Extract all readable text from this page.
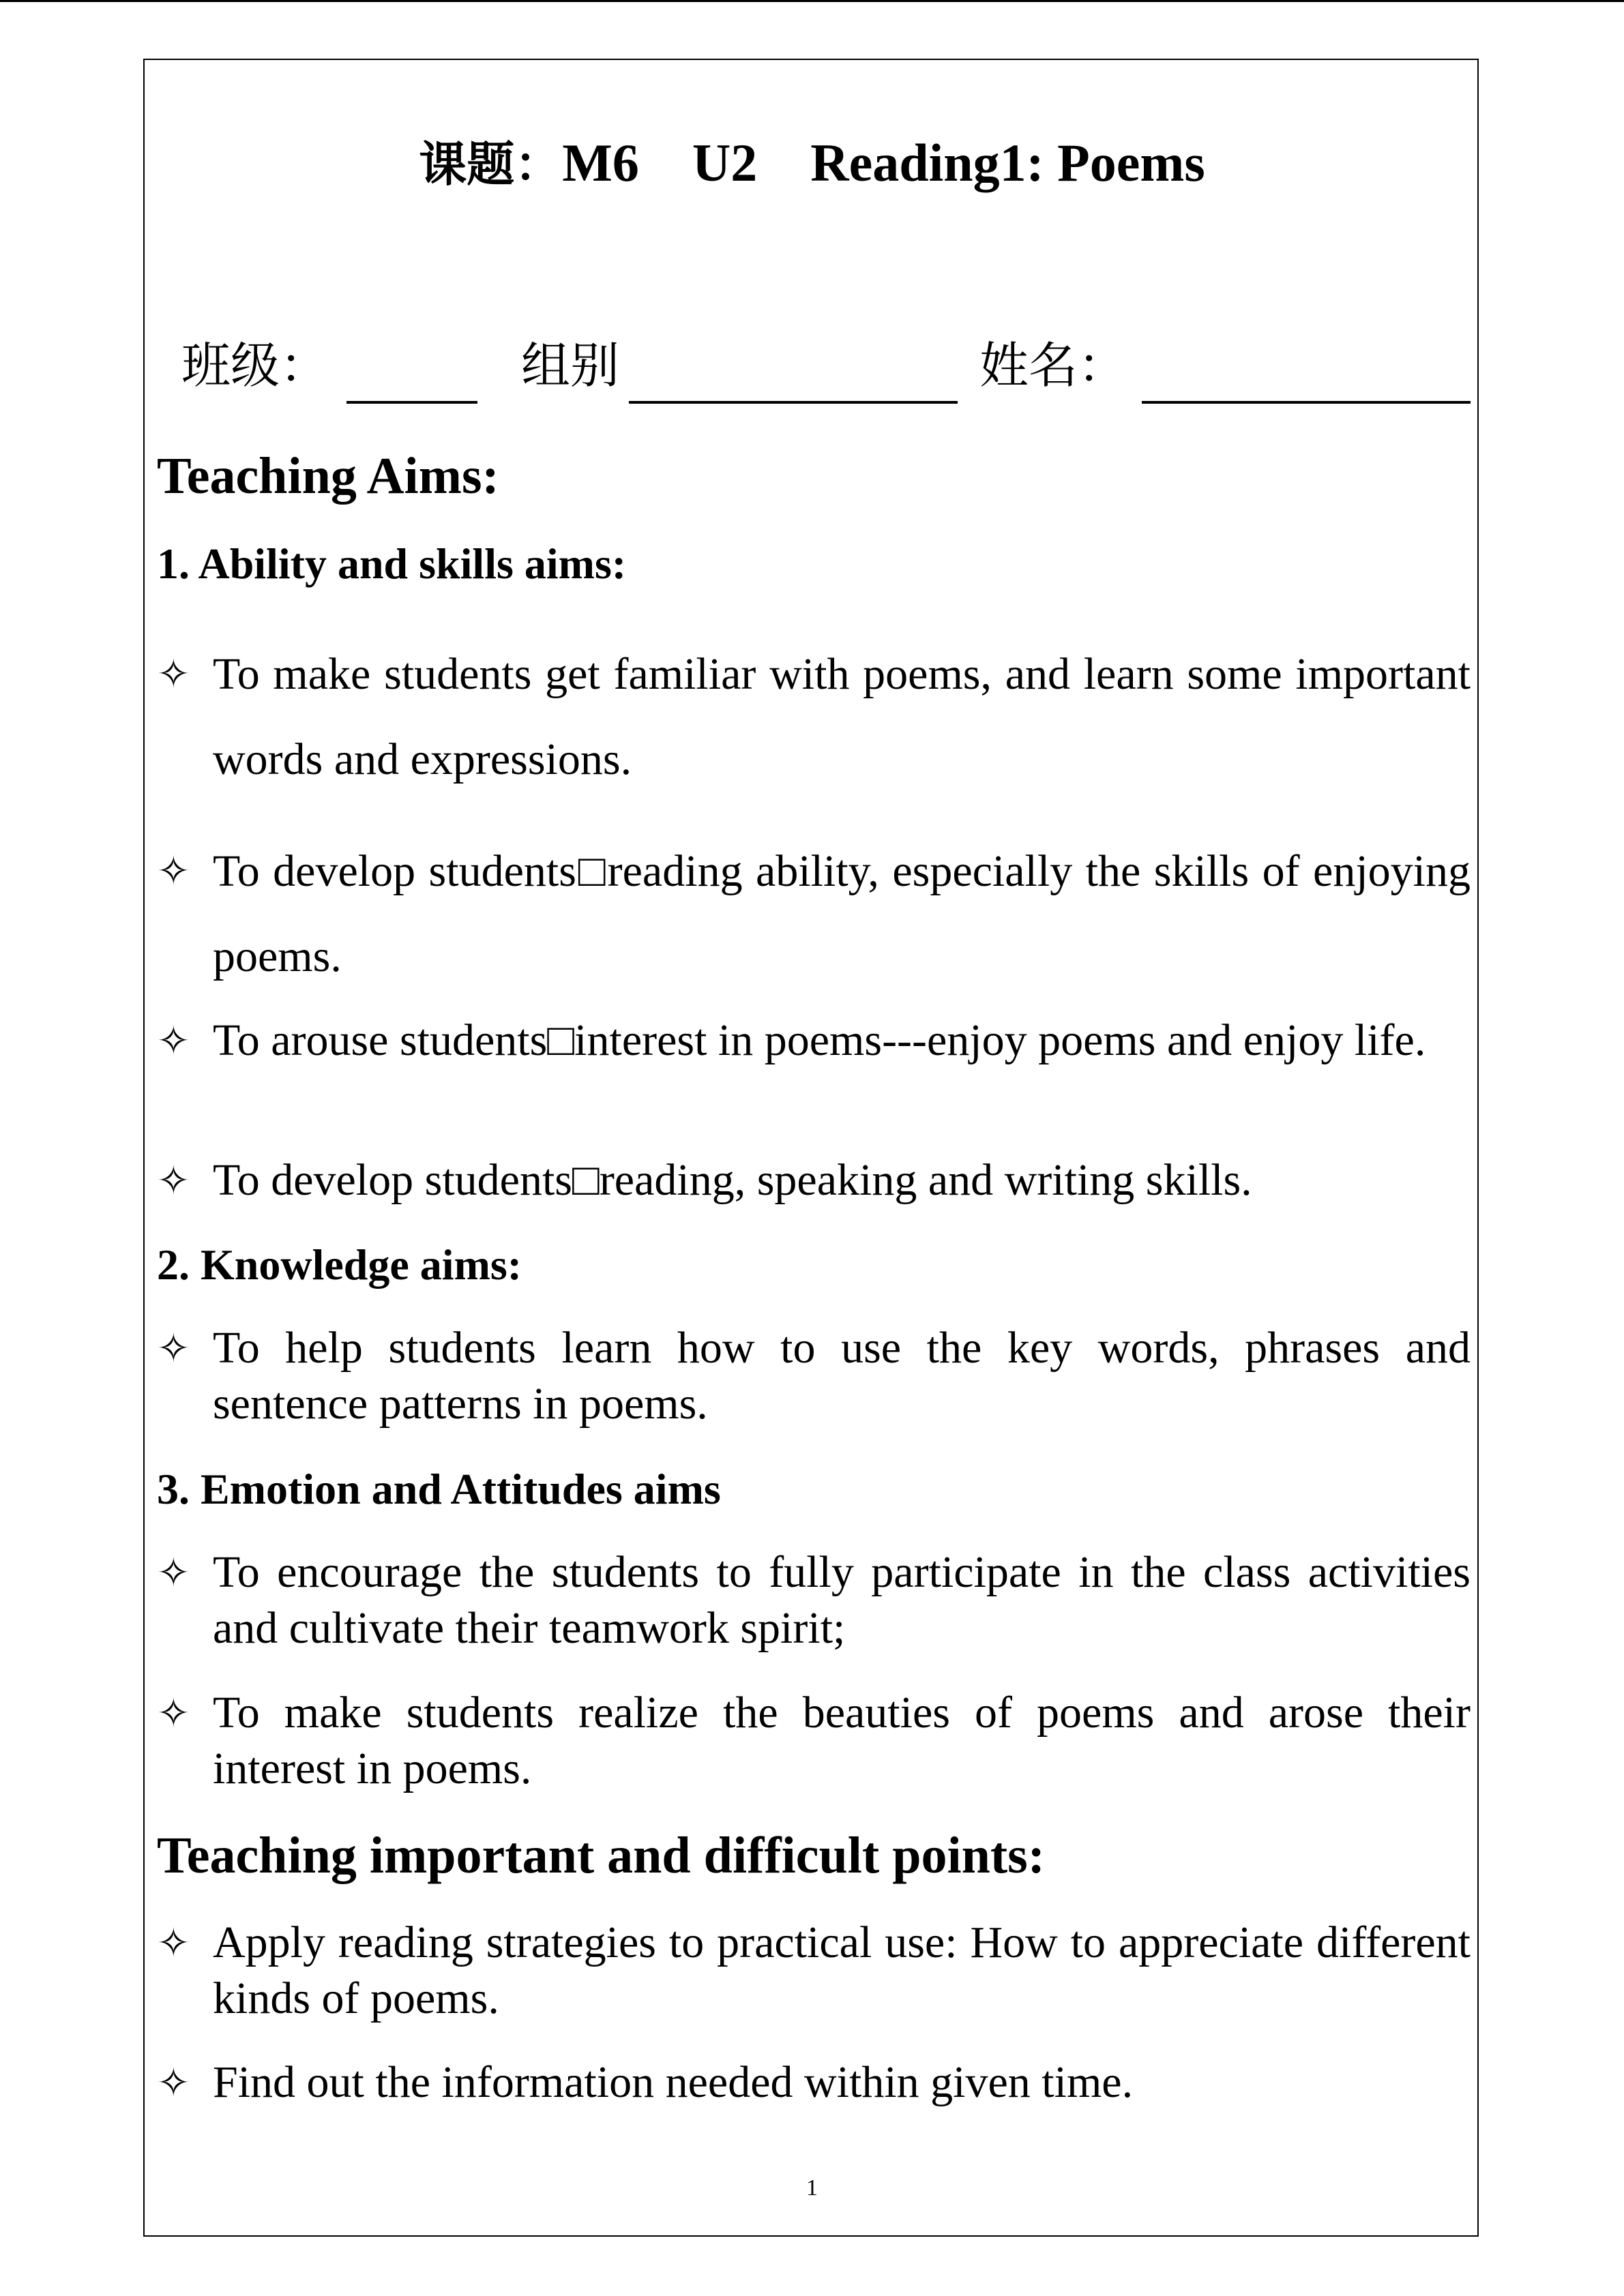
课题：M6    U2    Reading1: Poems
班级：	组别	姓名：
Teaching Aims:
1. Ability and skills aims:
✧ To make students get familiar with poems, and learn some important words and expressions.
✧ To develop students□reading ability, especially the skills of enjoying poems.
✧ To arouse students□interest in poems---enjoy poems and enjoy life.
✧ To develop students□reading, speaking and writing skills.
2. Knowledge aims:
✧ To help students learn how to use the key words, phrases and sentence patterns in poems.
3. Emotion and Attitudes aims
✧ To encourage the students to fully participate in the class activities and cultivate their teamwork spirit;
✧ To make students realize the beauties of poems and arose their interest in poems.
Teaching important and difficult points:
✧ Apply reading strategies to practical use: How to appreciate different kinds of poems.
✧ Find out the information needed within given time.
1
